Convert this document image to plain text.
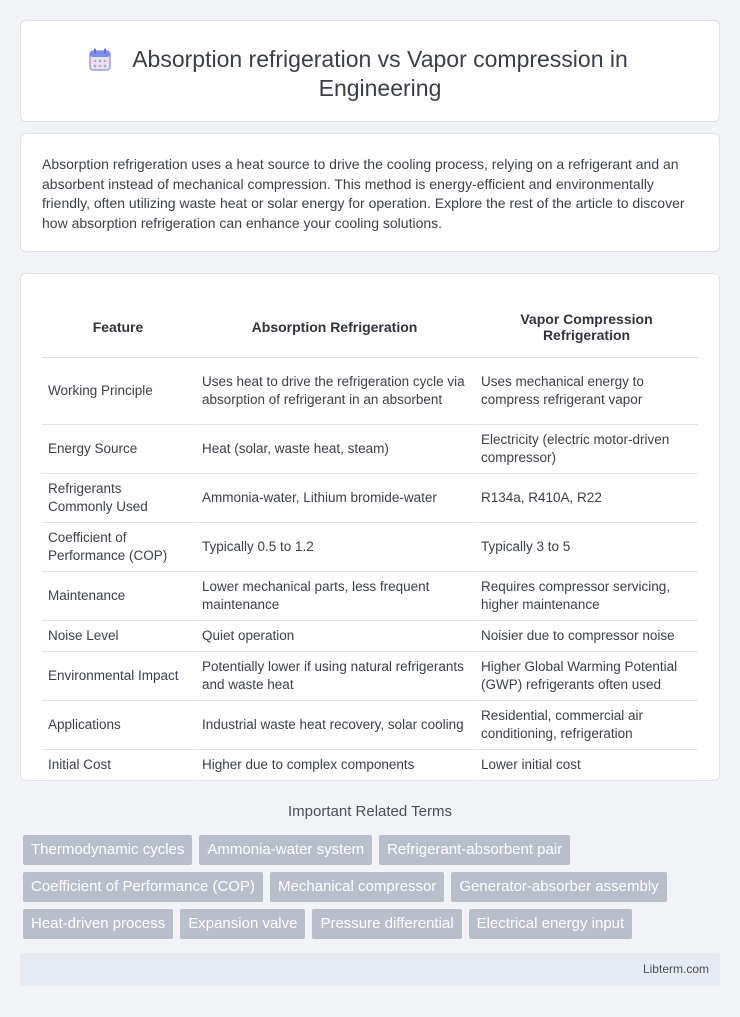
Absorption refrigeration vs Vapor compression in Engineering

Absorption refrigeration uses a heat source to drive the cooling process, relying on a refrigerant and an absorbent instead of mechanical compression. This method is energy-efficient and environmentally friendly, often utilizing waste heat or solar energy for operation. Explore the rest of the article to discover how absorption refrigeration can enhance your cooling solutions.

Feature	Absorption Refrigeration	Vapor Compression Refrigeration
Working Principle	Uses heat to drive the refrigeration cycle via absorption of refrigerant in an absorbent	Uses mechanical energy to compress refrigerant vapor
Energy Source	Heat (solar, waste heat, steam)	Electricity (electric motor-driven compressor)
Refrigerants Commonly Used	Ammonia-water, Lithium bromide-water	R134a, R410A, R22
Coefficient of Performance (COP)	Typically 0.5 to 1.2	Typically 3 to 5
Maintenance	Lower mechanical parts, less frequent maintenance	Requires compressor servicing, higher maintenance
Noise Level	Quiet operation	Noisier due to compressor noise
Environmental Impact	Potentially lower if using natural refrigerants and waste heat	Higher Global Warming Potential (GWP) refrigerants often used
Applications	Industrial waste heat recovery, solar cooling	Residential, commercial air conditioning, refrigeration
Initial Cost	Higher due to complex components	Lower initial cost
Important Related Terms
Thermodynamic cycles	Ammonia-water system	Refrigerant-absorbent pair
Coefficient of Performance (COP)	Mechanical compressor	Generator-absorber assembly
Heat-driven process	Expansion valve	Pressure differential	Electrical energy input
Libterm.com
